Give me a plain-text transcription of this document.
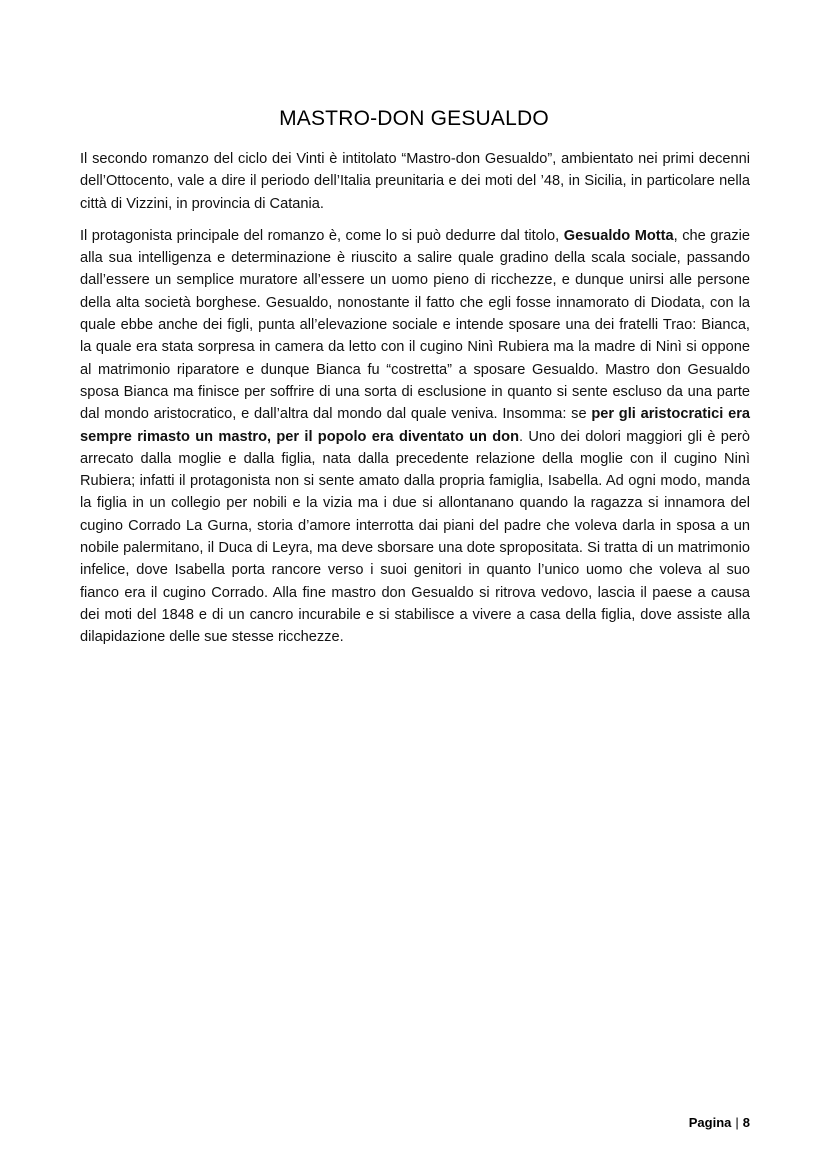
MASTRO-DON GESUALDO

Il secondo romanzo del ciclo dei Vinti è intitolato “Mastro-don Gesualdo”, ambientato nei primi decenni dell’Ottocento, vale a dire il periodo dell’Italia preunitaria e dei moti del ’48, in Sicilia, in particolare nella città di Vizzini, in provincia di Catania.

Il protagonista principale del romanzo è, come lo si può dedurre dal titolo, Gesualdo Motta, che grazie alla sua intelligenza e determinazione è riuscito a salire quale gradino della scala sociale, passando dall’essere un semplice muratore all’essere un uomo pieno di ricchezze, e dunque unirsi alle persone della alta società borghese. Gesualdo, nonostante il fatto che egli fosse innamorato di Diodata, con la quale ebbe anche dei figli, punta all’elevazione sociale e intende sposare una dei fratelli Trao: Bianca, la quale era stata sorpresa in camera da letto con il cugino Ninì Rubiera ma la madre di Ninì si oppone al matrimonio riparatore e dunque Bianca fu “costretta” a sposare Gesualdo. Mastro don Gesualdo sposa Bianca ma finisce per soffrire di una sorta di esclusione in quanto si sente escluso da una parte dal mondo aristocratico, e dall’altra dal mondo dal quale veniva. Insomma: se per gli aristocratici era sempre rimasto un mastro, per il popolo era diventato un don. Uno dei dolori maggiori gli è però arrecato dalla moglie e dalla figlia, nata dalla precedente relazione della moglie con il cugino Ninì Rubiera; infatti il protagonista non si sente amato dalla propria famiglia, Isabella. Ad ogni modo, manda la figlia in un collegio per nobili e la vizia ma i due si allontanano quando la ragazza si innamora del cugino Corrado La Gurna, storia d’amore interrotta dai piani del padre che voleva darla in sposa a un nobile palermitano, il Duca di Leyra, ma deve sborsare una dote spropositata. Si tratta di un matrimonio infelice, dove Isabella porta rancore verso i suoi genitori in quanto l’unico uomo che voleva al suo fianco era il cugino Corrado. Alla fine mastro don Gesualdo si ritrova vedovo, lascia il paese a causa dei moti del 1848 e di un cancro incurabile e si stabilisce a vivere a casa della figlia, dove assiste alla dilapidazione delle sue stesse ricchezze.

Pagina | 8
